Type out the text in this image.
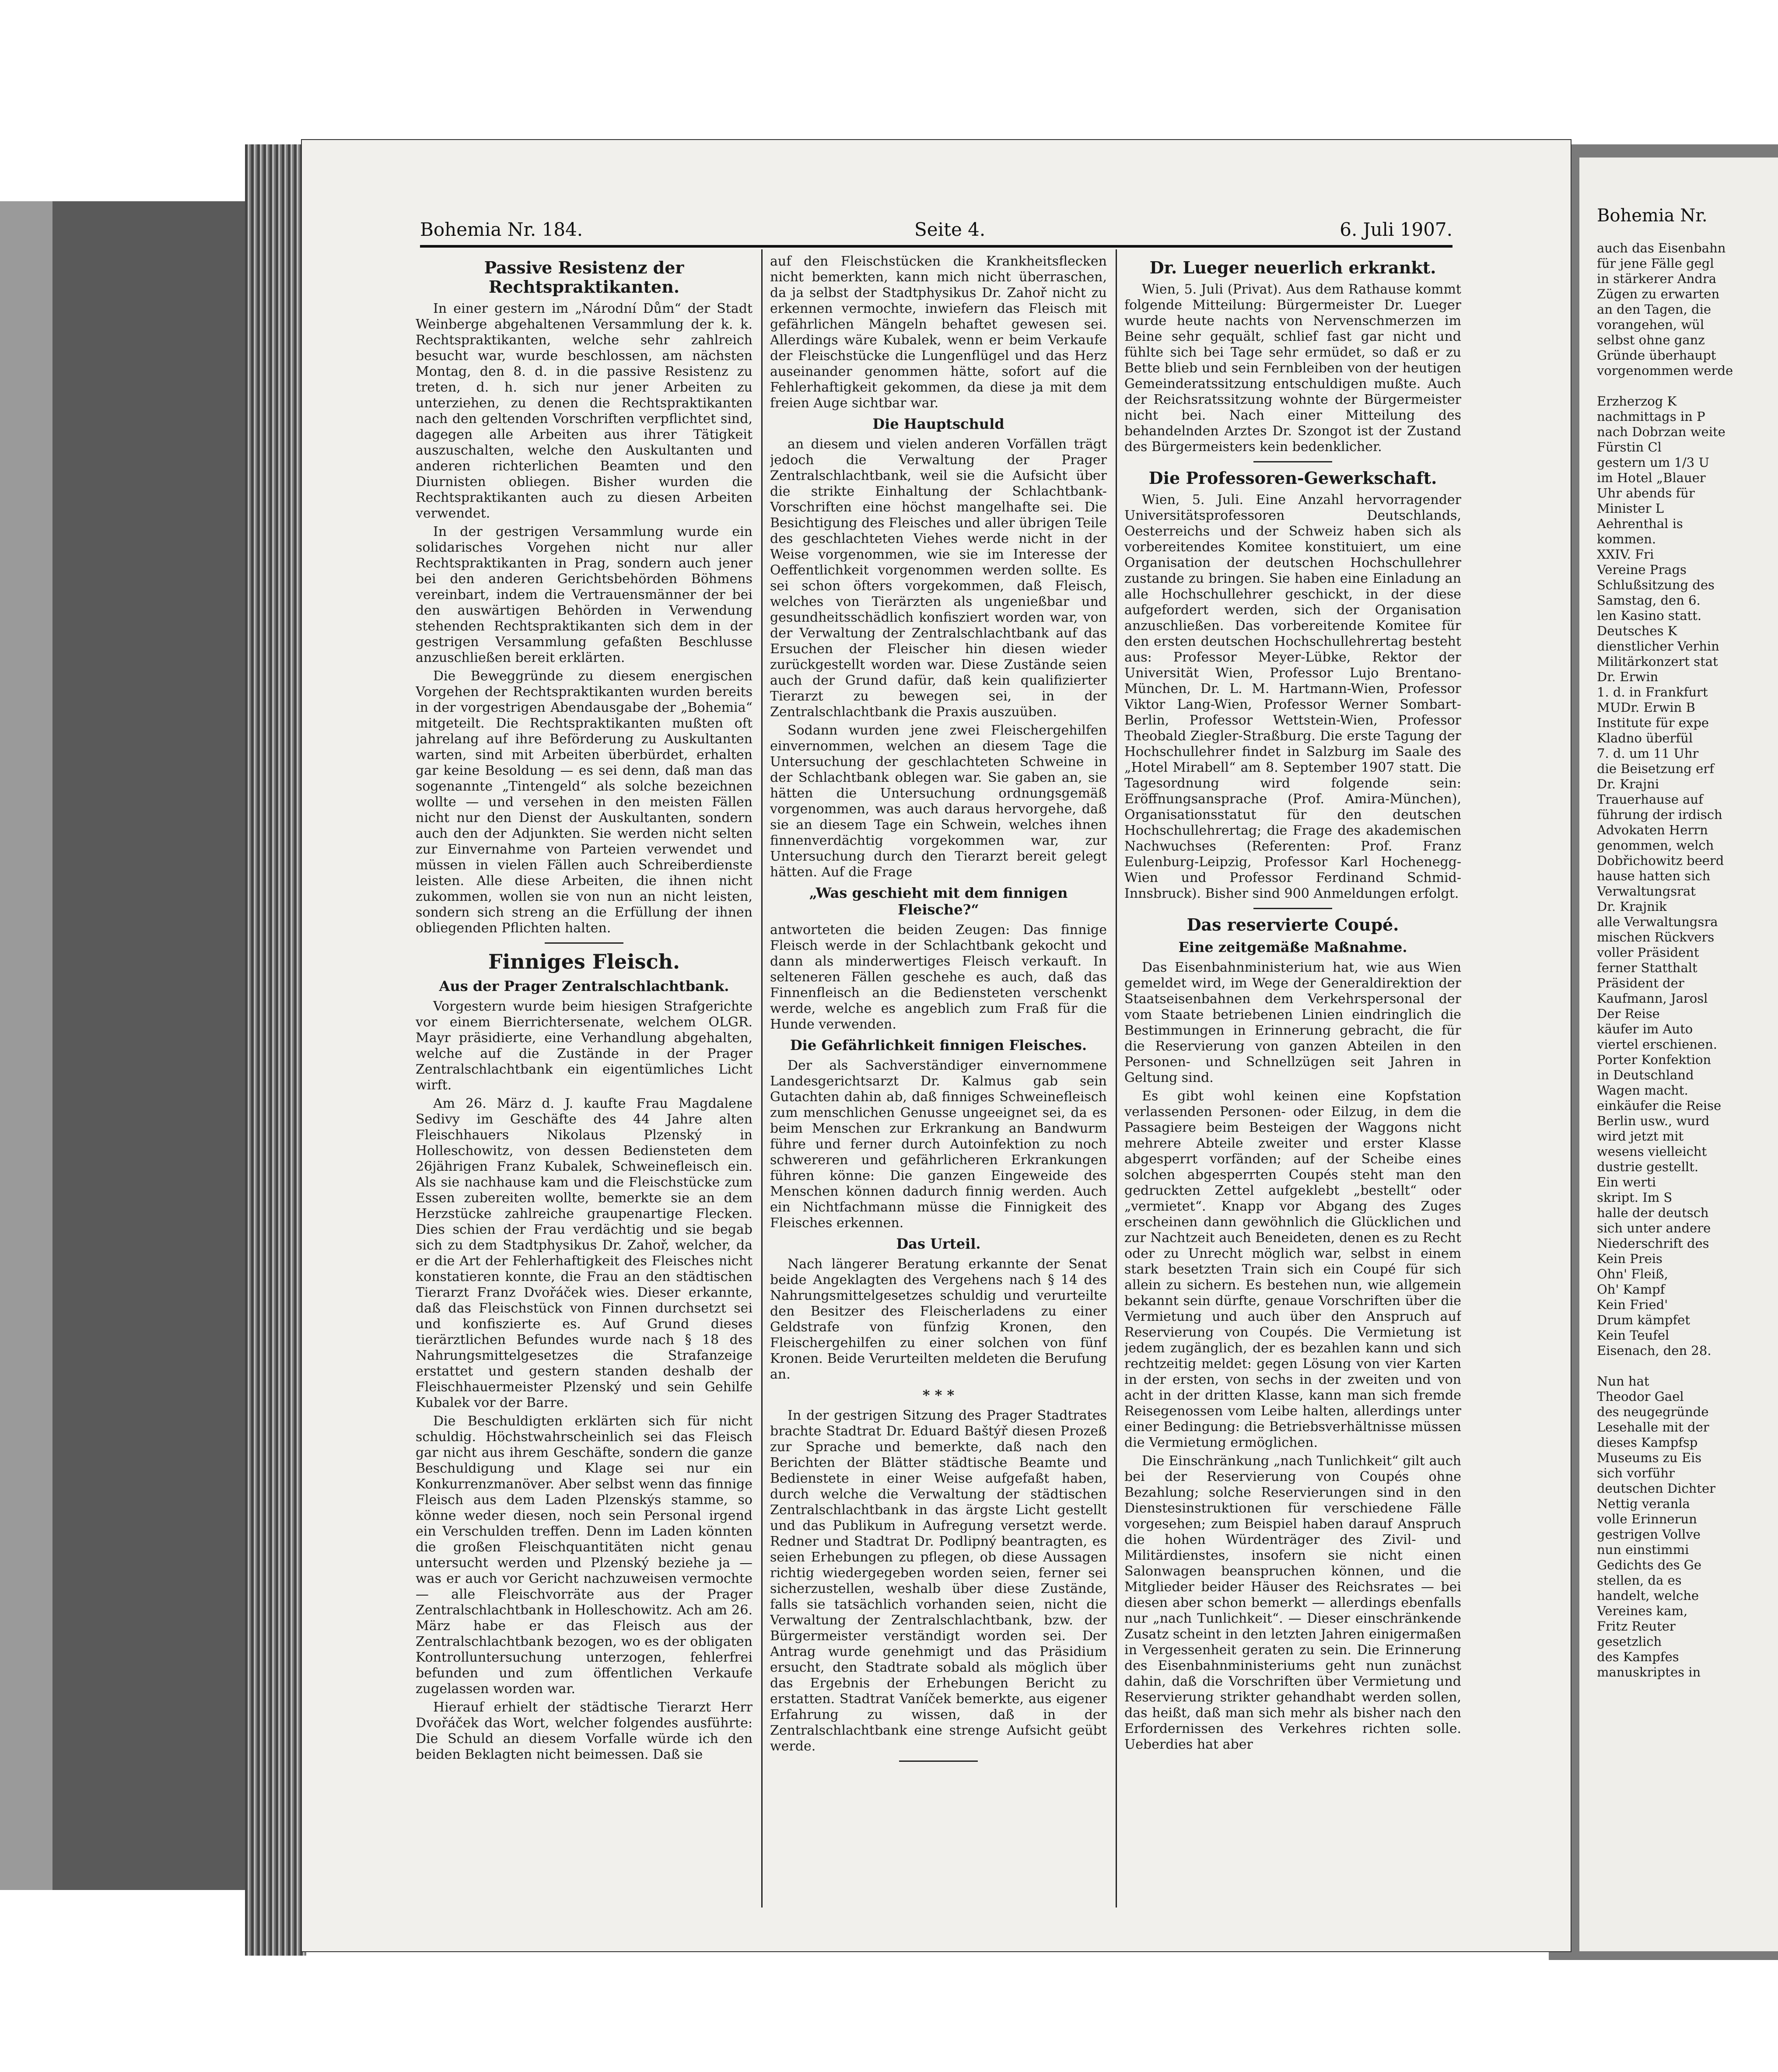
Bohemia Nr. 184.	Seite 4.	6. Juli 1907.
Passive Resistenz der Rechtspraktikanten.

In einer gestern im „Národní Dům“ der Stadt Weinberge abgehaltenen Versammlung der k. k. Rechtspraktikanten, welche sehr zahlreich besucht war, wurde beschlossen, am nächsten Montag, den 8. d. in die passive Resistenz zu treten, d. h. sich nur jener Arbeiten zu unterziehen, zu denen die Rechtspraktikanten nach den geltenden Vorschriften verpflichtet sind, dagegen alle Arbeiten aus ihrer Tätigkeit auszuschalten, welche den Auskultanten und anderen richterlichen Beamten und den Diurnisten obliegen. Bisher wurden die Rechtspraktikanten auch zu diesen Arbeiten verwendet.

In der gestrigen Versammlung wurde ein solidarisches Vorgehen nicht nur aller Rechtspraktikanten in Prag, sondern auch jener bei den anderen Gerichtsbehörden Böhmens vereinbart, indem die Vertrauensmänner der bei den auswärtigen Behörden in Verwendung stehenden Rechtspraktikanten sich dem in der gestrigen Versammlung gefaßten Beschlusse anzuschließen bereit erklärten.

Die Beweggründe zu diesem energischen Vorgehen der Rechtspraktikanten wurden bereits in der vorgestrigen Abendausgabe der „Bohemia“ mitgeteilt. Die Rechtspraktikanten mußten oft jahrelang auf ihre Beförderung zu Auskultanten warten, sind mit Arbeiten überbürdet, erhalten gar keine Besoldung — es sei denn, daß man das sogenannte „Tintengeld“ als solche bezeichnen wollte — und versehen in den meisten Fällen nicht nur den Dienst der Auskultanten, sondern auch den der Adjunkten. Sie werden nicht selten zur Einvernahme von Parteien verwendet und müssen in vielen Fällen auch Schreiberdienste leisten. Alle diese Arbeiten, die ihnen nicht zukommen, wollen sie von nun an nicht leisten, sondern sich streng an die Erfüllung der ihnen obliegenden Pflichten halten.

Finniges Fleisch.
Aus der Prager Zentralschlachtbank.

Vorgestern wurde beim hiesigen Strafgerichte vor einem Bierrichtersenate, welchem OLGR. Mayr präsidierte, eine Verhandlung abgehalten, welche auf die Zustände in der Prager Zentralschlachtbank ein eigentümliches Licht wirft.

Am 26. März d. J. kaufte Frau Magdalene Sedivy im Geschäfte des 44 Jahre alten Fleischhauers Nikolaus Plzenský in Holleschowitz, von dessen Bediensteten dem 26jährigen Franz Kubalek, Schweinefleisch ein. Als sie nachhause kam und die Fleischstücke zum Essen zubereiten wollte, bemerkte sie an dem Herzstücke zahlreiche graupenartige Flecken. Dies schien der Frau verdächtig und sie begab sich zu dem Stadtphysikus Dr. Zahoř, welcher, da er die Art der Fehlerhaftigkeit des Fleisches nicht konstatieren konnte, die Frau an den städtischen Tierarzt Franz Dvořáček wies. Dieser erkannte, daß das Fleischstück von Finnen durchsetzt sei und konfiszierte es. Auf Grund dieses tierärztlichen Befundes wurde nach § 18 des Nahrungsmittelgesetzes die Strafanzeige erstattet und gestern standen deshalb der Fleischhauermeister Plzenský und sein Gehilfe Kubalek vor der Barre.

Die Beschuldigten erklärten sich für nicht schuldig. Höchstwahrscheinlich sei das Fleisch gar nicht aus ihrem Geschäfte, sondern die ganze Beschuldigung und Klage sei nur ein Konkurrenzmanöver. Aber selbst wenn das finnige Fleisch aus dem Laden Plzenskýs stamme, so könne weder diesen, noch sein Personal irgend ein Verschulden treffen. Denn im Laden könnten die großen Fleischquantitäten nicht genau untersucht werden und Plzenský beziehe ja — was er auch vor Gericht nachzuweisen vermochte — alle Fleischvorräte aus der Prager Zentralschlachtbank in Holleschowitz. Ach am 26. März habe er das Fleisch aus der Zentralschlachtbank bezogen, wo es der obligaten Kontrolluntersuchung unterzogen, fehlerfrei befunden und zum öffentlichen Verkaufe zugelassen worden war.

Hierauf erhielt der städtische Tierarzt Herr Dvořáček das Wort, welcher folgendes ausführte: Die Schuld an diesem Vorfalle würde ich den beiden Beklagten nicht beimessen. Daß sie

auf den Fleischstücken die Krankheitsflecken nicht bemerkten, kann mich nicht überraschen, da ja selbst der Stadtphysikus Dr. Zahoř nicht zu erkennen vermochte, inwiefern das Fleisch mit gefährlichen Mängeln behaftet gewesen sei. Allerdings wäre Kubalek, wenn er beim Verkaufe der Fleischstücke die Lungenflügel und das Herz auseinander genommen hätte, sofort auf die Fehlerhaftigkeit gekommen, da diese ja mit dem freien Auge sichtbar war.

Die Hauptschuld

an diesem und vielen anderen Vorfällen trägt jedoch die Verwaltung der Prager Zentralschlachtbank, weil sie die Aufsicht über die strikte Einhaltung der Schlachtbank-Vorschriften eine höchst mangelhafte sei. Die Besichtigung des Fleisches und aller übrigen Teile des geschlachteten Viehes werde nicht in der Weise vorgenommen, wie sie im Interesse der Oeffentlichkeit vorgenommen werden sollte. Es sei schon öfters vorgekommen, daß Fleisch, welches von Tierärzten als ungenießbar und gesundheitsschädlich konfisziert worden war, von der Verwaltung der Zentralschlachtbank auf das Ersuchen der Fleischer hin diesen wieder zurückgestellt worden war. Diese Zustände seien auch der Grund dafür, daß kein qualifizierter Tierarzt zu bewegen sei, in der Zentralschlachtbank die Praxis auszuüben.

Sodann wurden jene zwei Fleischergehilfen einvernommen, welchen an diesem Tage die Untersuchung der geschlachteten Schweine in der Schlachtbank oblegen war. Sie gaben an, sie hätten die Untersuchung ordnungsgemäß vorgenommen, was auch daraus hervorgehe, daß sie an diesem Tage ein Schwein, welches ihnen finnenverdächtig vorgekommen war, zur Untersuchung durch den Tierarzt bereit gelegt hätten. Auf die Frage

„Was geschieht mit dem finnigen Fleische?“

antworteten die beiden Zeugen: Das finnige Fleisch werde in der Schlachtbank gekocht und dann als minderwertiges Fleisch verkauft. In selteneren Fällen geschehe es auch, daß das Finnenfleisch an die Bediensteten verschenkt werde, welche es angeblich zum Fraß für die Hunde verwenden.

Die Gefährlichkeit finnigen Fleisches.

Der als Sachverständiger einvernommene Landesgerichtsarzt Dr. Kalmus gab sein Gutachten dahin ab, daß finniges Schweinefleisch zum menschlichen Genusse ungeeignet sei, da es beim Menschen zur Erkrankung an Bandwurm führe und ferner durch Autoinfektion zu noch schwereren und gefährlicheren Erkrankungen führen könne: Die ganzen Eingeweide des Menschen können dadurch finnig werden. Auch ein Nichtfachmann müsse die Finnigkeit des Fleisches erkennen.

Das Urteil.

Nach längerer Beratung erkannte der Senat beide Angeklagten des Vergehens nach § 14 des Nahrungsmittelgesetzes schuldig und verurteilte den Besitzer des Fleischerladens zu einer Geldstrafe von fünfzig Kronen, den Fleischergehilfen zu einer solchen von fünf Kronen. Beide Verurteilten meldeten die Berufung an.

* * *

In der gestrigen Sitzung des Prager Stadtrates brachte Stadtrat Dr. Eduard Baštýř diesen Prozeß zur Sprache und bemerkte, daß nach den Berichten der Blätter städtische Beamte und Bedienstete in einer Weise aufgefaßt haben, durch welche die Verwaltung der städtischen Zentralschlachtbank in das ärgste Licht gestellt und das Publikum in Aufregung versetzt werde. Redner und Stadtrat Dr. Podlipný beantragten, es seien Erhebungen zu pflegen, ob diese Aussagen richtig wiedergegeben worden seien, ferner sei sicherzustellen, weshalb über diese Zustände, falls sie tatsächlich vorhanden seien, nicht die Verwaltung der Zentralschlachtbank, bzw. der Bürgermeister verständigt worden sei. Der Antrag wurde genehmigt und das Präsidium ersucht, den Stadtrate sobald als möglich über das Ergebnis der Erhebungen Bericht zu erstatten. Stadtrat Vaníček bemerkte, aus eigener Erfahrung zu wissen, daß in der Zentralschlachtbank eine strenge Aufsicht geübt werde.

Dr. Lueger neuerlich erkrankt.

Wien, 5. Juli (Privat). Aus dem Rathause kommt folgende Mitteilung: Bürgermeister Dr. Lueger wurde heute nachts von Nervenschmerzen im Beine sehr gequält, schlief fast gar nicht und fühlte sich bei Tage sehr ermüdet, so daß er zu Bette blieb und sein Fernbleiben von der heutigen Gemeinderatssitzung entschuldigen mußte. Auch der Reichsratssitzung wohnte der Bürgermeister nicht bei. Nach einer Mitteilung des behandelnden Arztes Dr. Szongot ist der Zustand des Bürgermeisters kein bedenklicher.

Die Professoren-Gewerkschaft.

Wien, 5. Juli. Eine Anzahl hervorragender Universitätsprofessoren Deutschlands, Oesterreichs und der Schweiz haben sich als vorbereitendes Komitee konstituiert, um eine Organisation der deutschen Hochschullehrer zustande zu bringen. Sie haben eine Einladung an alle Hochschullehrer geschickt, in der diese aufgefordert werden, sich der Organisation anzuschließen. Das vorbereitende Komitee für den ersten deutschen Hochschullehrertag besteht aus: Professor Meyer-Lübke, Rektor der Universität Wien, Professor Lujo Brentano-München, Dr. L. M. Hartmann-Wien, Professor Viktor Lang-Wien, Professor Werner Sombart-Berlin, Professor Wettstein-Wien, Professor Theobald Ziegler-Straßburg. Die erste Tagung der Hochschullehrer findet in Salzburg im Saale des „Hotel Mirabell“ am 8. September 1907 statt. Die Tagesordnung wird folgende sein: Eröffnungsansprache (Prof. Amira-München), Organisationsstatut für den deutschen Hochschullehrertag; die Frage des akademischen Nachwuchses (Referenten: Prof. Franz Eulenburg-Leipzig, Professor Karl Hochenegg-Wien und Professor Ferdinand Schmid-Innsbruck). Bisher sind 900 Anmeldungen erfolgt.

Das reservierte Coupé.
Eine zeitgemäße Maßnahme.

Das Eisenbahnministerium hat, wie aus Wien gemeldet wird, im Wege der Generaldirektion der Staatseisenbahnen dem Verkehrspersonal der vom Staate betriebenen Linien eindringlich die Bestimmungen in Erinnerung gebracht, die für die Reservierung von ganzen Abteilen in den Personen- und Schnellzügen seit Jahren in Geltung sind.

Es gibt wohl keinen eine Kopfstation verlassenden Personen- oder Eilzug, in dem die Passagiere beim Besteigen der Waggons nicht mehrere Abteile zweiter und erster Klasse abgesperrt vorfänden; auf der Scheibe eines solchen abgesperrten Coupés steht man den gedruckten Zettel aufgeklebt „bestellt“ oder „vermietet“. Knapp vor Abgang des Zuges erscheinen dann gewöhnlich die Glücklichen und zur Nachtzeit auch Beneideten, denen es zu Recht oder zu Unrecht möglich war, selbst in einem stark besetzten Train sich ein Coupé für sich allein zu sichern. Es bestehen nun, wie allgemein bekannt sein dürfte, genaue Vorschriften über die Vermietung und auch über den Anspruch auf Reservierung von Coupés. Die Vermietung ist jedem zugänglich, der es bezahlen kann und sich rechtzeitig meldet: gegen Lösung von vier Karten in der ersten, von sechs in der zweiten und von acht in der dritten Klasse, kann man sich fremde Reisegenossen vom Leibe halten, allerdings unter einer Bedingung: die Betriebsverhältnisse müssen die Vermietung ermöglichen.

Die Einschränkung „nach Tunlichkeit“ gilt auch bei der Reservierung von Coupés ohne Bezahlung; solche Reservierungen sind in den Dienstesinstruktionen für verschiedene Fälle vorgesehen; zum Beispiel haben darauf Anspruch die hohen Würdenträger des Zivil- und Militärdienstes, insofern sie nicht einen Salonwagen beanspruchen können, und die Mitglieder beider Häuser des Reichsrates — bei diesen aber schon bemerkt — allerdings ebenfalls nur „nach Tunlichkeit“. — Dieser einschränkende Zusatz scheint in den letzten Jahren einigermaßen in Vergessenheit geraten zu sein. Die Erinnerung des Eisenbahnministeriums geht nun zunächst dahin, daß die Vorschriften über Vermietung und Reservierung strikter gehandhabt werden sollen, das heißt, daß man sich mehr als bisher nach den Erfordernissen des Verkehres richten solle. Ueberdies hat aber

Bohemia Nr.
auch das Eisenbahn
für jene Fälle gegl
in stärkerer Andra
Zügen zu erwarten
an den Tagen, die
vorangehen, wül
selbst ohne ganz
Gründe überhaupt
vorgenommen werde

Erzherzog K
nachmittags in P
nach Dobrzan weite
Fürstin Cl
gestern um 1/3 U
im Hotel „Blauer
Uhr abends für
Minister L
Aehrenthal is
kommen.
XXIV. Fri
Vereine Prags
Schlußsitzung des
Samstag, den 6.
len Kasino statt.
Deutsches K
dienstlicher Verhin
Militärkonzert stat
Dr. Erwin
1. d. in Frankfurt
MUDr. Erwin B
Institute für expe
Kladno überfül
7. d. um 11 Uhr
die Beisetzung erf
Dr. Krajni
Trauerhause auf
führung der irdisch
Advokaten Herrn
genommen, welch
Dobřichowitz beerd
hause hatten sich
Verwaltungsrat
Dr. Krajnik
alle Verwaltungsra
mischen Rückvers
voller Präsident
ferner Statthalt
Präsident der
Kaufmann, Jarosl
Der Reise
käufer im Auto
viertel erschienen.
Porter Konfektion
in Deutschland
Wagen macht.
einkäufer die Reise
Berlin usw., wurd
wird jetzt mit
wesens vielleicht
dustrie gestellt.
Ein werti
skript. Im S
halle der deutsch
sich unter andere
Niederschrift des
Kein Preis
Ohn' Fleiß,
Oh' Kampf
Kein Fried'
Drum kämpfet
Kein Teufel
Eisenach, den 28.

Nun hat
Theodor Gael
des neugegründe
Lesehalle mit der
dieses Kampfsp
Museums zu Eis
sich vorführ
deutschen Dichter
Nettig veranla
volle Erinnerun
gestrigen Vollve
nun einstimmi
Gedichts des Ge
stellen, da es
handelt, welche
Vereines kam,
Fritz Reuter
gesetzlich
des Kampfes
manuskriptes in
